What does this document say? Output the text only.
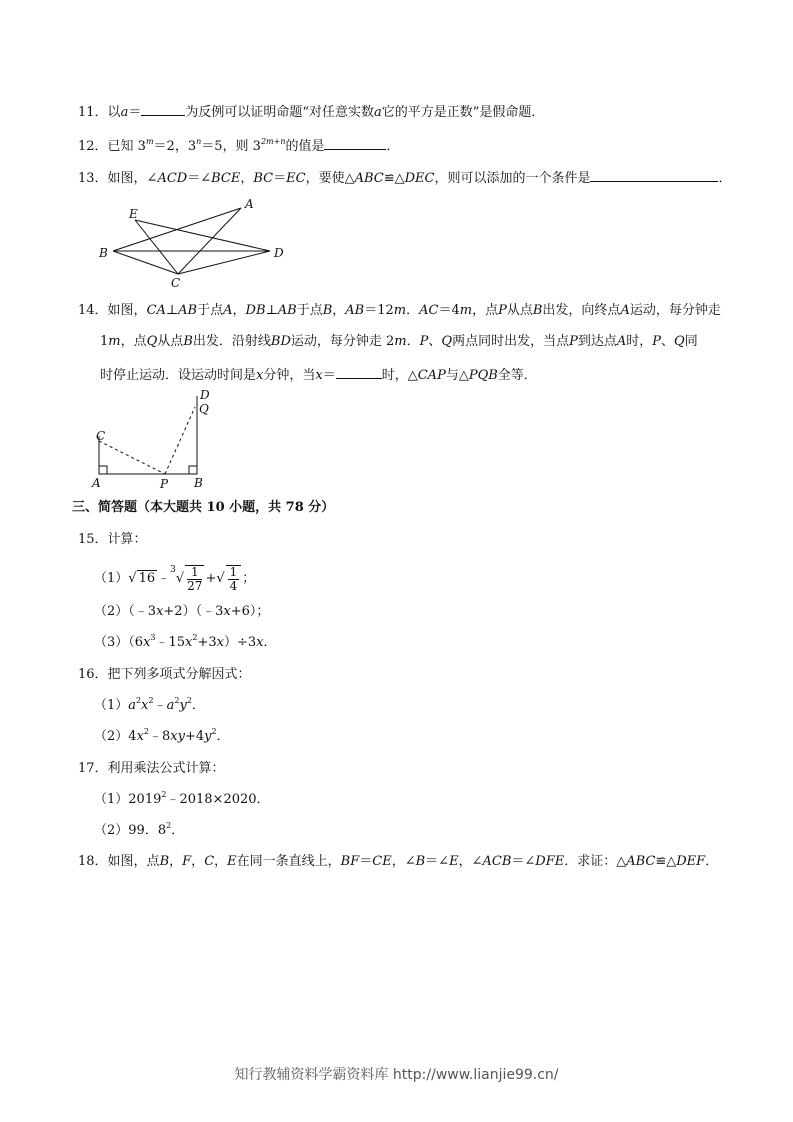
11．以a＝	为反例可以证明命题“对任意实数a它的平方是正数”是假命题．
12．已知 $3^m=2$，$3^n=5$，则 $3^{2m+n}$的值是	．
13．如图，∠ACD＝∠BCE，BC＝EC，要使△ABC≌△DEC，则可以添加的一个条件是	．
E
A
B	D
C
14．如图，CA⊥AB于点A，DB⊥AB于点B，AB＝12m．AC＝4m，点P从点B出发，向终点A运动，每分钟走
1m，点Q从点B出发．沿射线BD运动，每分钟走 2m．P、Q两点同时出发，当点P到达点A时，P、Q同
时停止运动．设运动时间是x分钟，当x＝	时，△CAP与△PQB全等．
D
Q
C
A	P B
三、简答题（本大题共 10 小题，共 78 分）
15．计算：
（1）√ 16 ﹣$^3$√ $\frac{1}{27}$ +√ $\frac{1}{4}$ ；
（2）（﹣3x+2）（﹣3x+6）；
$(3)(6x^3﹣15x^2+3x)\div 3x$．
16．把下列多项式分解因式：
$(1)a^2x^2﹣a^2y^2$．
$(2)4x^2﹣8xy+4y^2$．
17．利用乘法公式计算：
$(1)2019^2﹣2018\times 2020$．
（2）99．$8^2$．
18．如图，点B，F，C，E在同一条直线上，BF＝CE，∠B＝∠E，∠ACB＝∠DFE．求证：△ABC≌△DEF．
知行教辅资料学霸资料库 http://www.lianjie99.cn/
